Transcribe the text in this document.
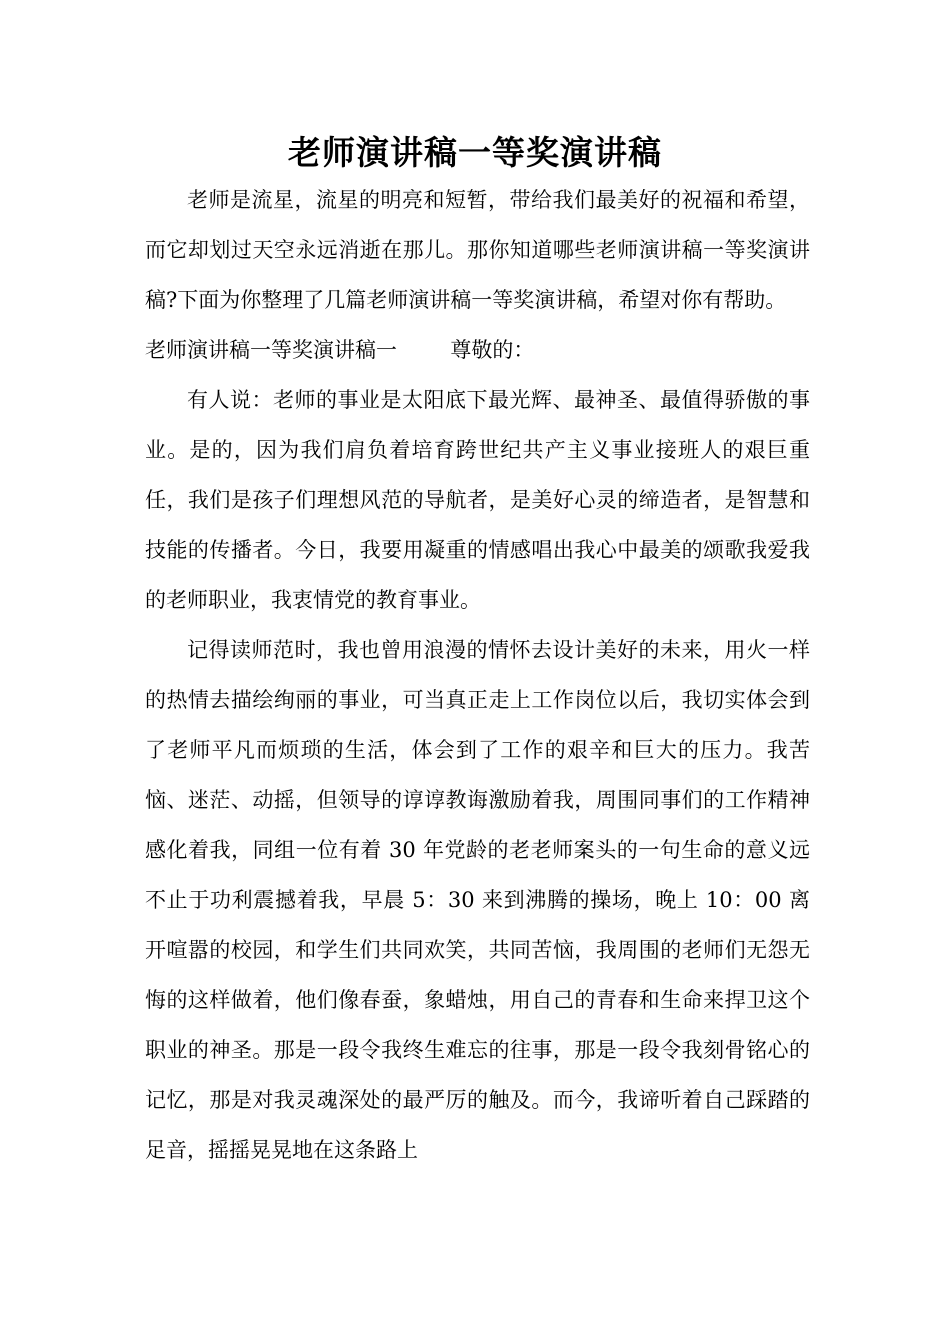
老师演讲稿一等奖演讲稿

老师是流星，流星的明亮和短暂，带给我们最美好的祝福和希望，而它却划过天空永远消逝在那儿。那你知道哪些老师演讲稿一等奖演讲稿?下面为你整理了几篇老师演讲稿一等奖演讲稿，希望对你有帮助。

老师演讲稿一等奖演讲稿一	尊敬的：

有人说：老师的事业是太阳底下最光辉、最神圣、最值得骄傲的事业。是的，因为我们肩负着培育跨世纪共产主义事业接班人的艰巨重任，我们是孩子们理想风范的导航者，是美好心灵的缔造者，是智慧和技能的传播者。今日，我要用凝重的情感唱出我心中最美的颂歌我爱我的老师职业，我衷情党的教育事业。

记得读师范时，我也曾用浪漫的情怀去设计美好的未来，用火一样的热情去描绘绚丽的事业，可当真正走上工作岗位以后，我切实体会到了老师平凡而烦琐的生活，体会到了工作的艰辛和巨大的压力。我苦恼、迷茫、动摇，但领导的谆谆教诲激励着我，周围同事们的工作精神感化着我，同组一位有着 30 年党龄的老老师案头的一句生命的意义远不止于功利震撼着我，早晨 5：30 来到沸腾的操场，晚上 10：00 离开喧嚣的校园，和学生们共同欢笑，共同苦恼，我周围的老师们无怨无悔的这样做着，他们像春蚕，象蜡烛，用自己的青春和生命来捍卫这个职业的神圣。那是一段令我终生难忘的往事，那是一段令我刻骨铭心的记忆，那是对我灵魂深处的最严厉的触及。而今，我谛听着自己踩踏的足音，摇摇晃晃地在这条路上
